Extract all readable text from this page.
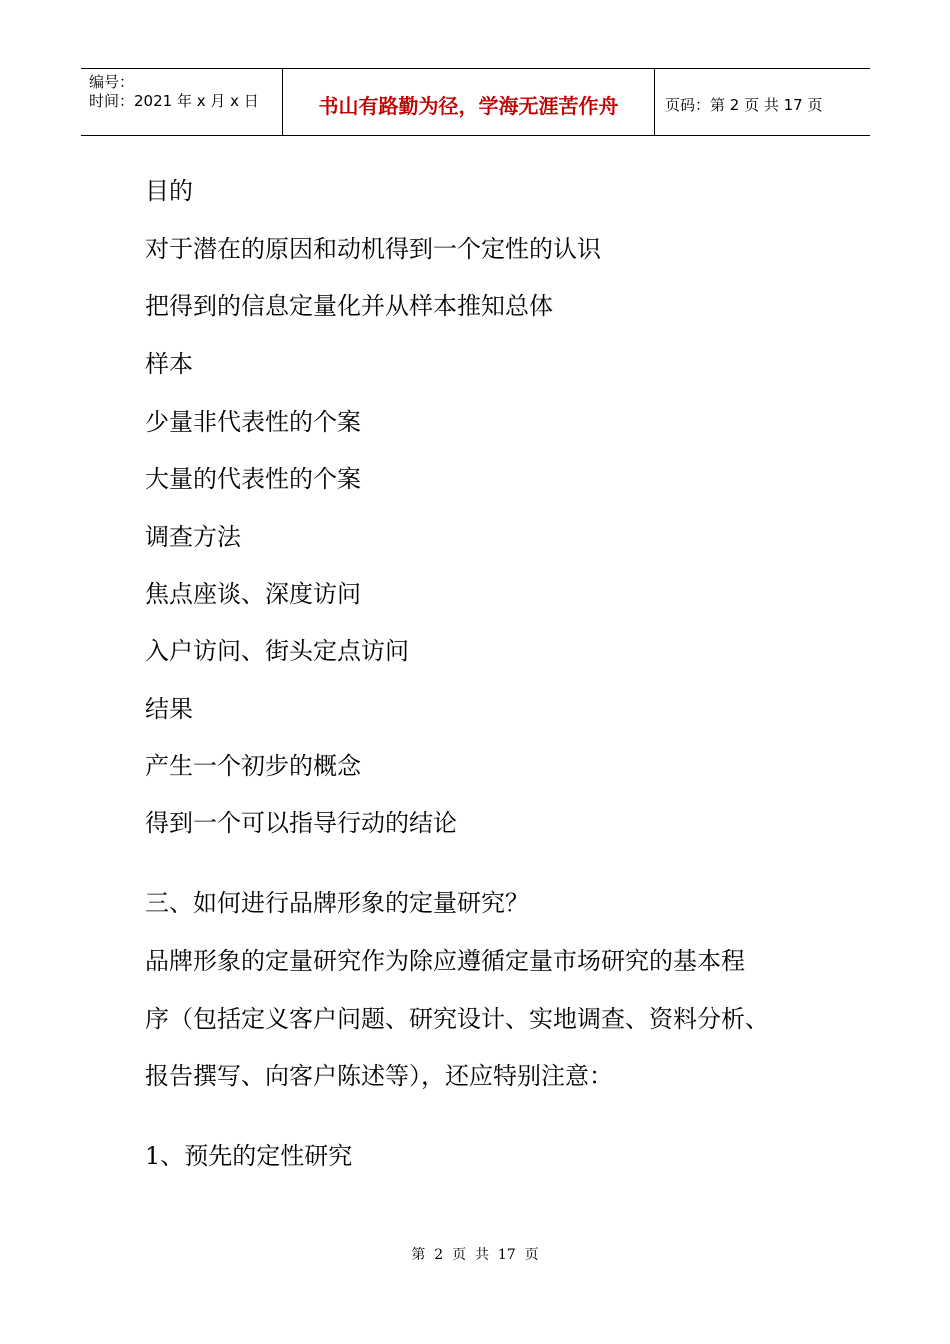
编号：
时间：2021 年 x 月 x 日	书山有路勤为径，学海无涯苦作舟	页码：第 2 页 共 17 页
目的
对于潜在的原因和动机得到一个定性的认识
把得到的信息定量化并从样本推知总体
样本
少量非代表性的个案
大量的代表性的个案
调查方法
焦点座谈、深度访问
入户访问、街头定点访问
结果
产生一个初步的概念
得到一个可以指导行动的结论
三、如何进行品牌形象的定量研究？
品牌形象的定量研究作为除应遵循定量市场研究的基本程
序（包括定义客户问题、研究设计、实地调查、资料分析、
报告撰写、向客户陈述等），还应特别注意：
1、预先的定性研究
第  2  页  共  17  页
